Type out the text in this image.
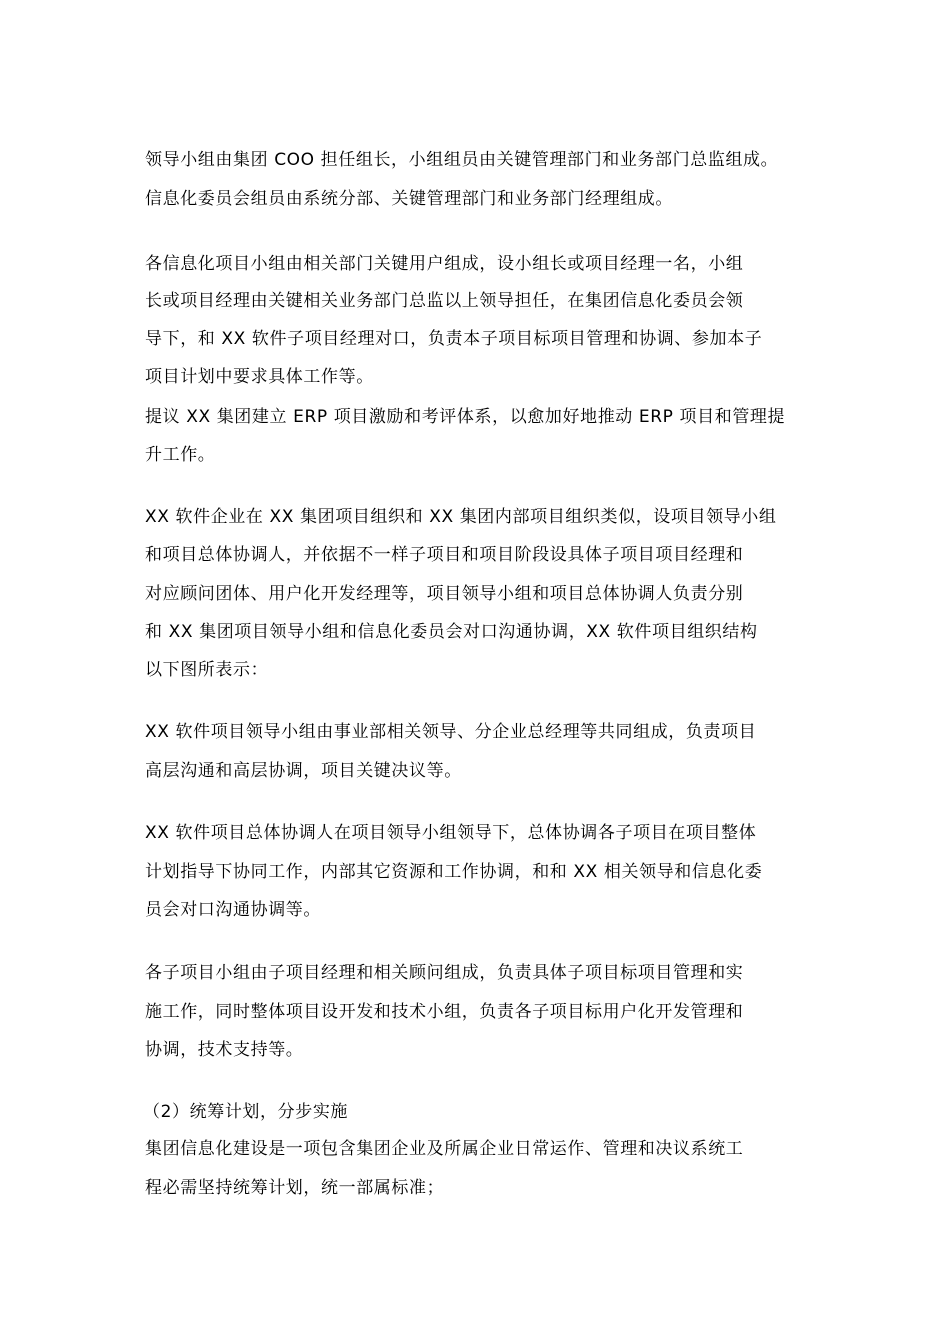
领导小组由集团 COO 担任组长，小组组员由关键管理部门和业务部门总监组成。
信息化委员会组员由系统分部、关键管理部门和业务部门经理组成。
各信息化项目小组由相关部门关键用户组成，设小组长或项目经理一名，小组
长或项目经理由关键相关业务部门总监以上领导担任，在集团信息化委员会领
导下，和 XX 软件子项目经理对口，负责本子项目标项目管理和协调、参加本子
项目计划中要求具体工作等。
提议 XX 集团建立 ERP 项目激励和考评体系，以愈加好地推动 ERP 项目和管理提
升工作。
XX 软件企业在 XX 集团项目组织和 XX 集团内部项目组织类似，设项目领导小组
和项目总体协调人，并依据不一样子项目和项目阶段设具体子项目项目经理和
对应顾问团体、用户化开发经理等，项目领导小组和项目总体协调人负责分别
和 XX 集团项目领导小组和信息化委员会对口沟通协调，XX 软件项目组织结构
以下图所表示：
XX 软件项目领导小组由事业部相关领导、分企业总经理等共同组成，负责项目
高层沟通和高层协调，项目关键决议等。
XX 软件项目总体协调人在项目领导小组领导下，总体协调各子项目在项目整体
计划指导下协同工作，内部其它资源和工作协调，和和 XX 相关领导和信息化委
员会对口沟通协调等。
各子项目小组由子项目经理和相关顾问组成，负责具体子项目标项目管理和实
施工作，同时整体项目设开发和技术小组，负责各子项目标用户化开发管理和
协调，技术支持等。
（2）统筹计划，分步实施
集团信息化建设是一项包含集团企业及所属企业日常运作、管理和决议系统工
程必需坚持统筹计划，统一部属标准；
